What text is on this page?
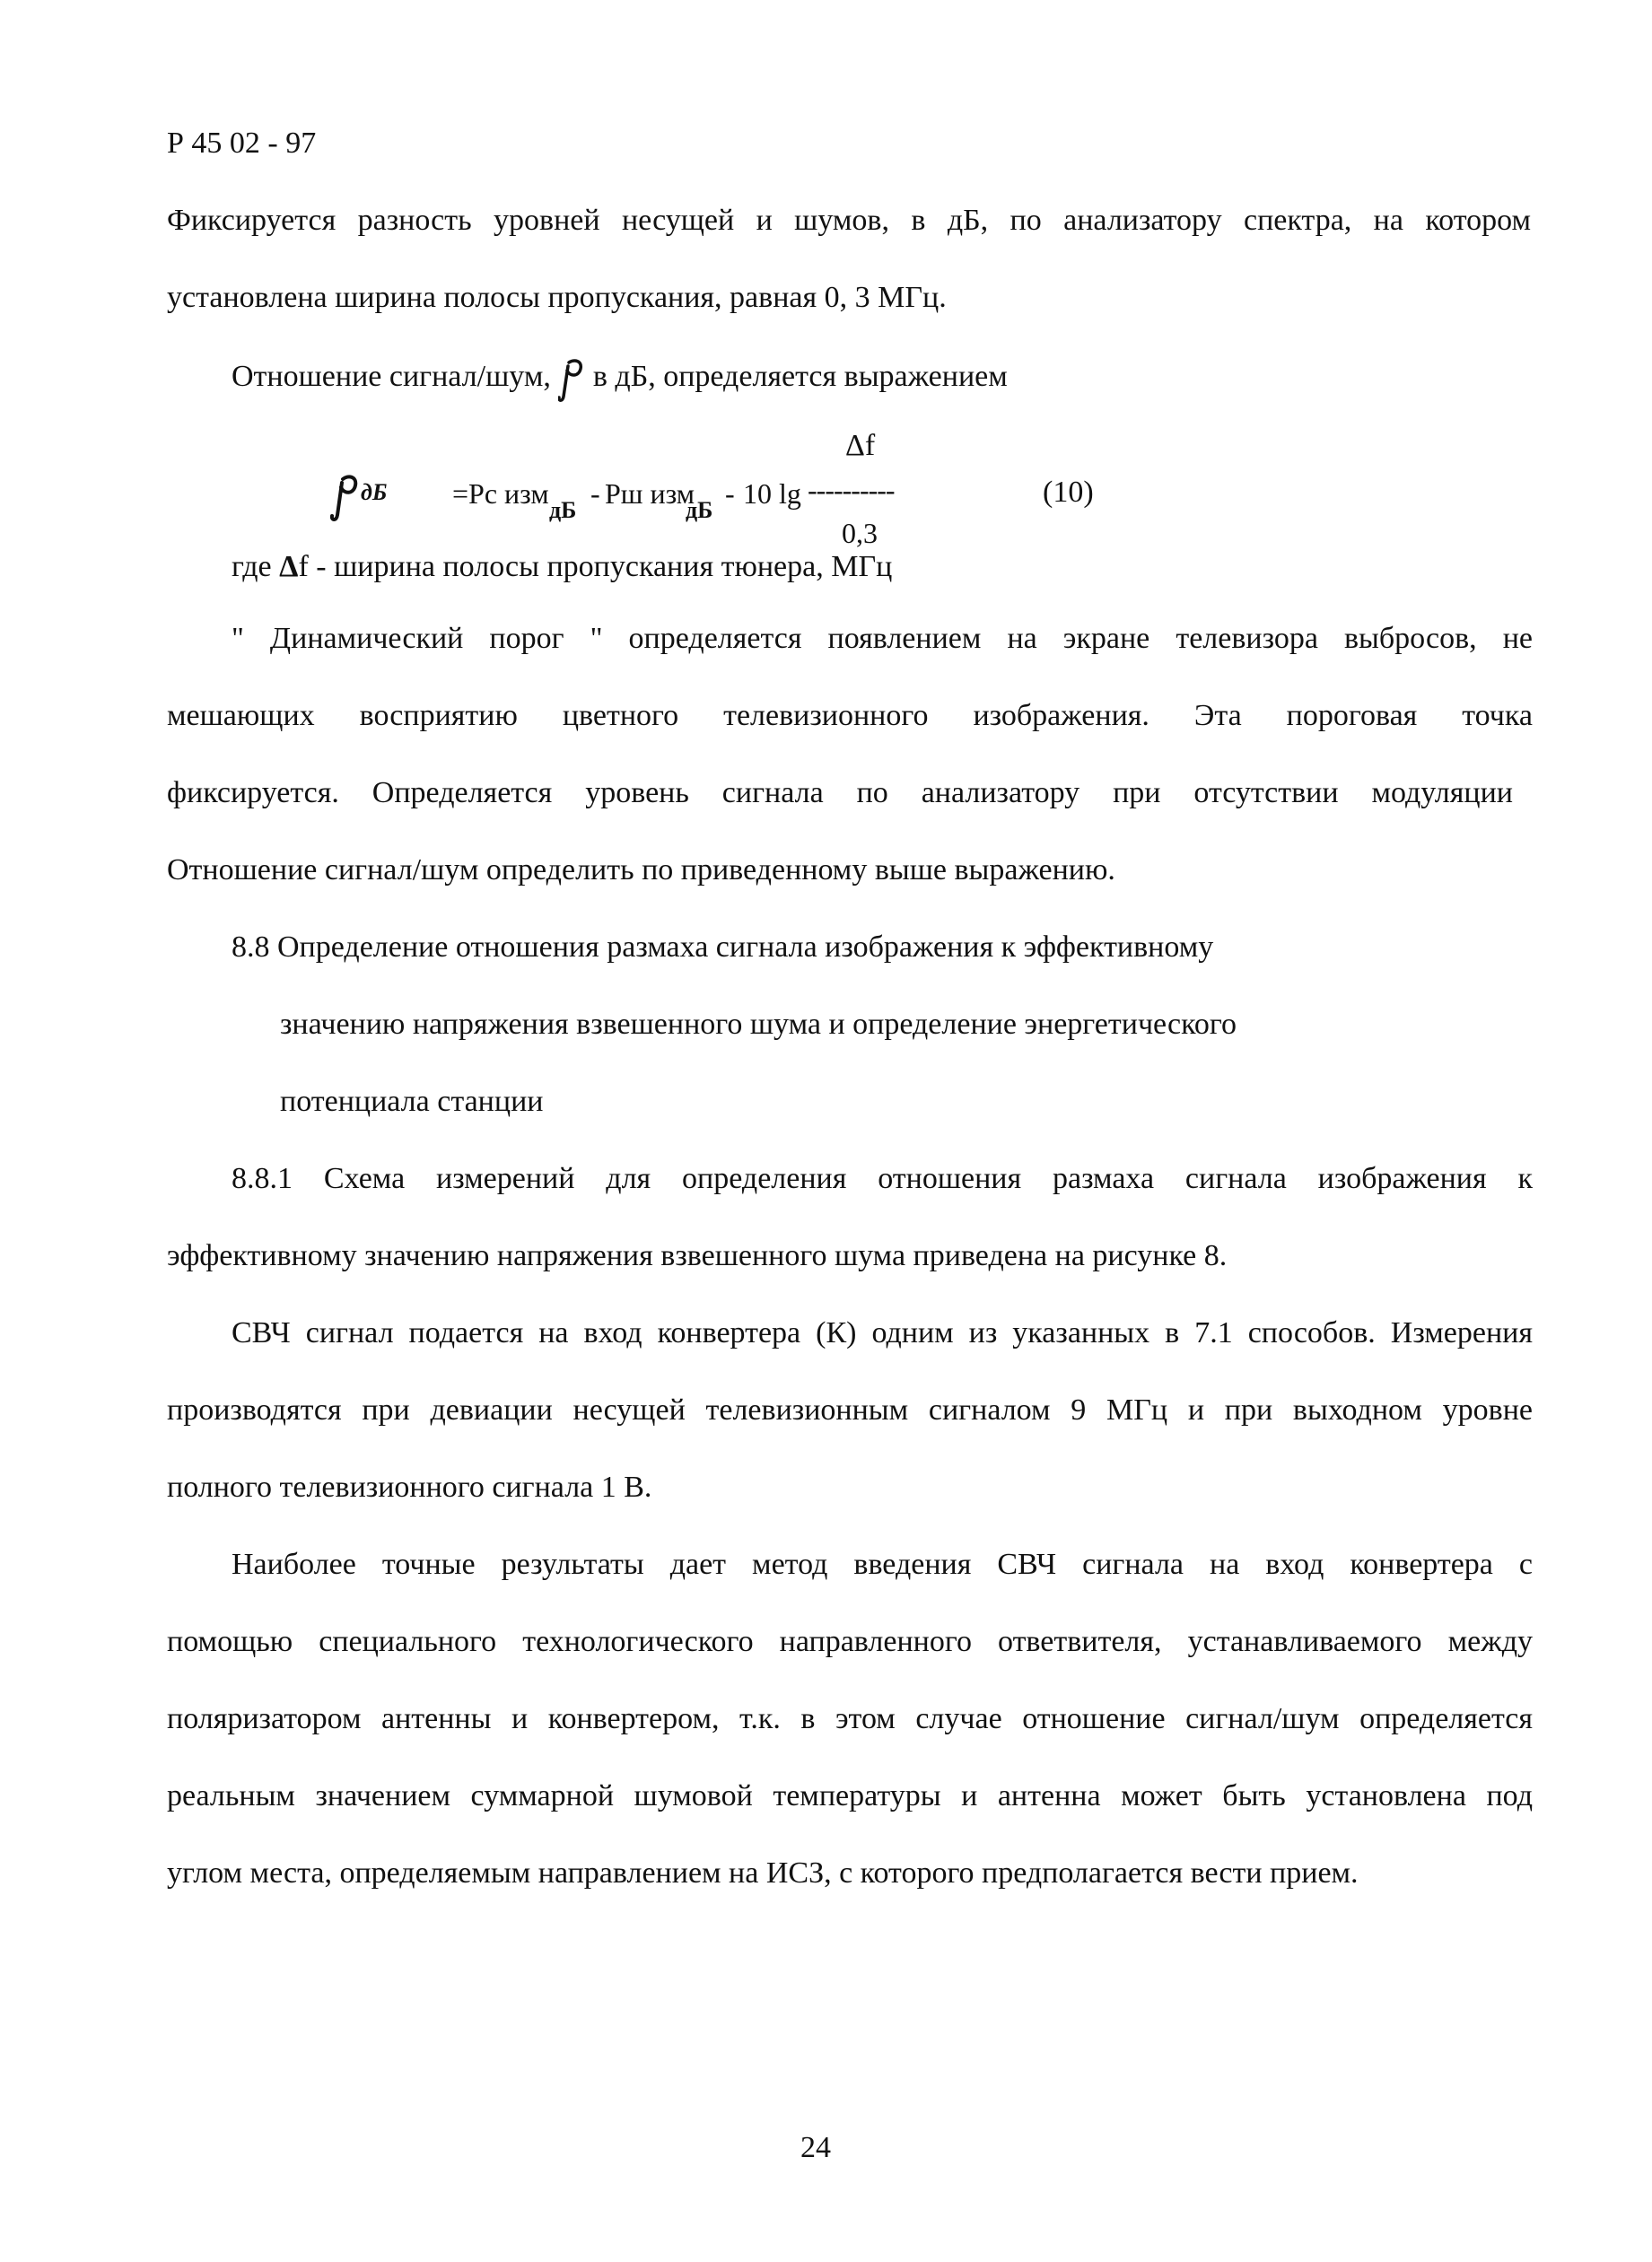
Р 45 02 - 97
Фиксируется разность уровней несущей и шумов, в дБ, по анализатору спектра, на котором
установлена ширина полосы пропускания, равная 0, 3 МГц.
Отношение сигнал/шум, в дБ, определяется выражением
Δf
дБ =Рс изм
дБ
- Рш изм
дБ
- 10 lg ----------	(10)
0,3
где Δf - ширина полосы пропускания тюнера, МГц
" Динамический порог " определяется появлением на экране телевизора выбросов, не
мешающих восприятию цветного телевизионного изображения. Эта пороговая точка
фиксируется. Определяется уровень сигнала по анализатору при отсутствии модуляции
Отношение сигнал/шум определить по приведенному выше выражению.
8.8 Определение отношения размаха сигнала изображения к эффективному
значению напряжения взвешенного шума и определение энергетического
потенциала станции
8.8.1 Схема измерений для определения отношения размаха сигнала изображения к
эффективному значению напряжения взвешенного шума приведена на рисунке 8.
СВЧ сигнал подается на вход конвертера (К) одним из указанных в 7.1 способов. Измерения
производятся при девиации несущей телевизионным сигналом 9 МГц и при выходном уровне
полного телевизионного сигнала 1 В.
Наиболее точные результаты дает метод введения СВЧ сигнала на вход конвертера с
помощью специального технологического направленного ответвителя, устанавливаемого между
поляризатором антенны и конвертером, т.к. в этом случае отношение сигнал/шум определяется
реальным значением суммарной шумовой температуры и антенна может быть установлена под
углом места, определяемым направлением на ИСЗ, с которого предполагается вести прием.
24
